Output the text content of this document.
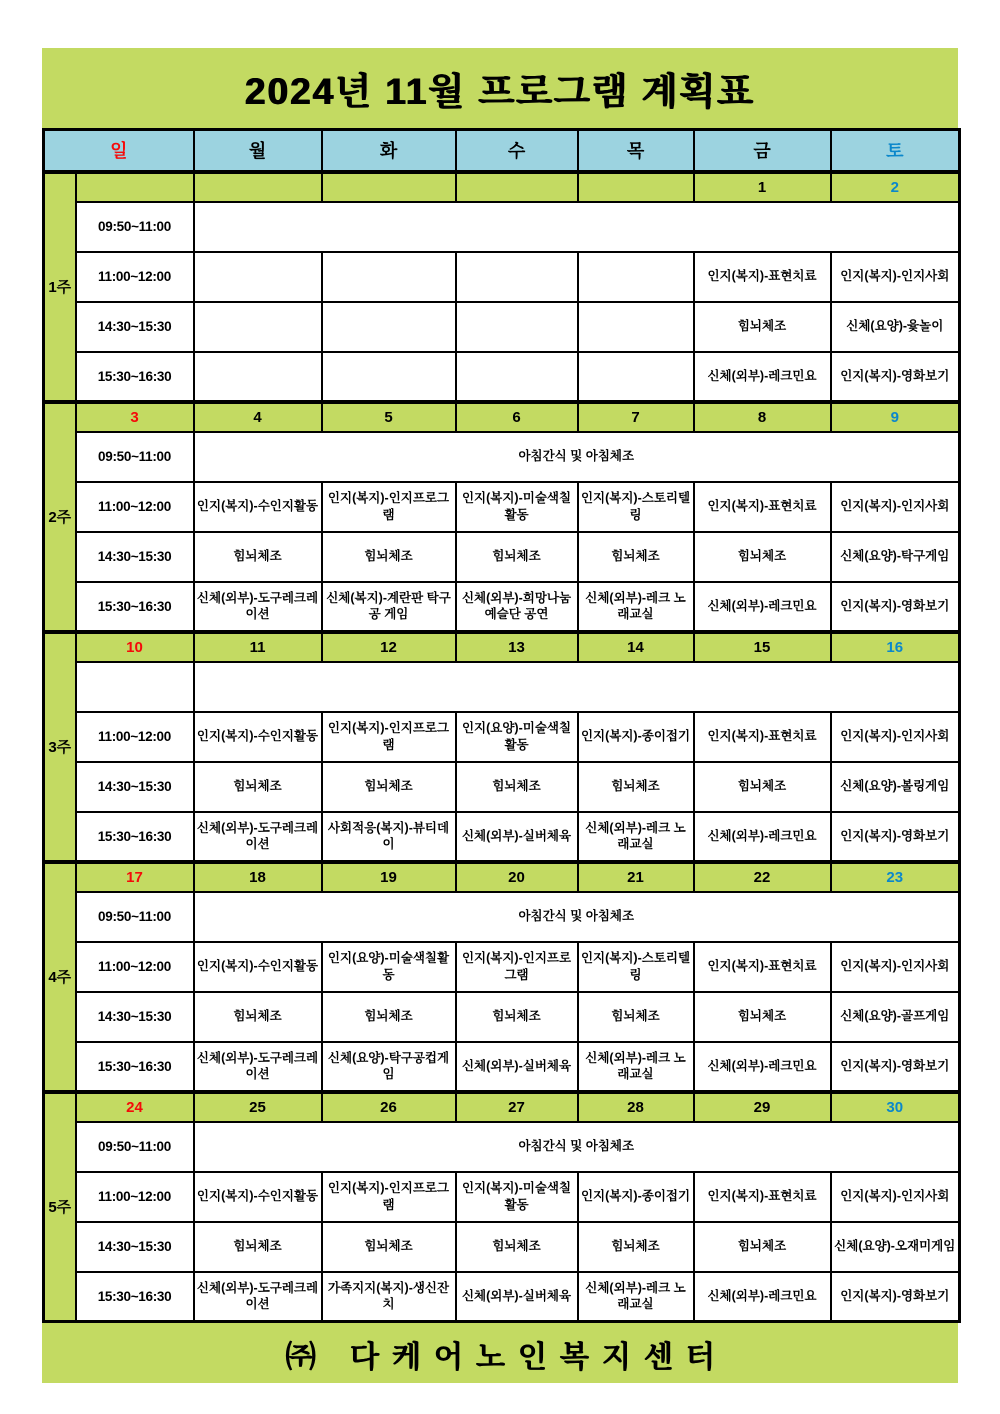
2024년 11월 프로그램 계획표
일		월	화	수	목	금	토
1주						1	2
	09:50~11:00						
	11:00~12:00					인지(복지)-표현치료	인지(복지)-인지사회
	14:30~15:30					힘뇌체조	신체(요양)-윷놀이
	15:30~16:30					신체(외부)-레크민요	인지(복지)-영화보기
2주	3	4	5	6	7	8	9
	09:50~11:00	아침간식 및 아침체조					
	11:00~12:00	인지(복지)-수인지활동	인지(복지)-인지프로그램	인지(복지)-미술색칠활동	인지(복지)-스토리텔링	인지(복지)-표현치료	인지(복지)-인지사회
	14:30~15:30	힘뇌체조	힘뇌체조	힘뇌체조	힘뇌체조	힘뇌체조	신체(요양)-탁구게임
	15:30~16:30	신체(외부)-도구레크레이션	신체(복지)-계란판 탁구공 게임	신체(외부)-희망나눔예슬단 공연	신체(외부)-레크 노래교실	신체(외부)-레크민요	인지(복지)-영화보기
3주	10	11	12	13	14	15	16

	11:00~12:00	인지(복지)-수인지활동	인지(복지)-인지프로그램	인지(요양)-미술색칠활동	인지(복지)-종이접기	인지(복지)-표현치료	인지(복지)-인지사회
	14:30~15:30	힘뇌체조	힘뇌체조	힘뇌체조	힘뇌체조	힘뇌체조	신체(요양)-볼링게임
	15:30~16:30	신체(외부)-도구레크레이션	사회적응(복지)-뷰티데이	신체(외부)-실버체육	신체(외부)-레크 노래교실	신체(외부)-레크민요	인지(복지)-영화보기
4주	17	18	19	20	21	22	23
	09:50~11:00	아침간식 및 아침체조					
	11:00~12:00	인지(복지)-수인지활동	인지(요양)-미술색칠활동	인지(복지)-인지프로그램	인지(복지)-스토리텔링	인지(복지)-표현치료	인지(복지)-인지사회
	14:30~15:30	힘뇌체조	힘뇌체조	힘뇌체조	힘뇌체조	힘뇌체조	신체(요양)-골프게임
	15:30~16:30	신체(외부)-도구레크레이션	신체(요양)-탁구공컵게임	신체(외부)-실버체육	신체(외부)-레크 노래교실	신체(외부)-레크민요	인지(복지)-영화보기
5주	24	25	26	27	28	29	30
	09:50~11:00	아침간식 및 아침체조					
	11:00~12:00	인지(복지)-수인지활동	인지(복지)-인지프로그램	인지(복지)-미술색칠활동	인지(복지)-종이접기	인지(복지)-표현치료	인지(복지)-인지사회
	14:30~15:30	힘뇌체조	힘뇌체조	힘뇌체조	힘뇌체조	힘뇌체조	신체(요양)-오재미게임
	15:30~16:30	신체(외부)-도구레크레이션	가족지지(복지)-생신잔치	신체(외부)-실버체육	신체(외부)-레크 노래교실	신체(외부)-레크민요	인지(복지)-영화보기
㈜ 다케어노인복지센터
